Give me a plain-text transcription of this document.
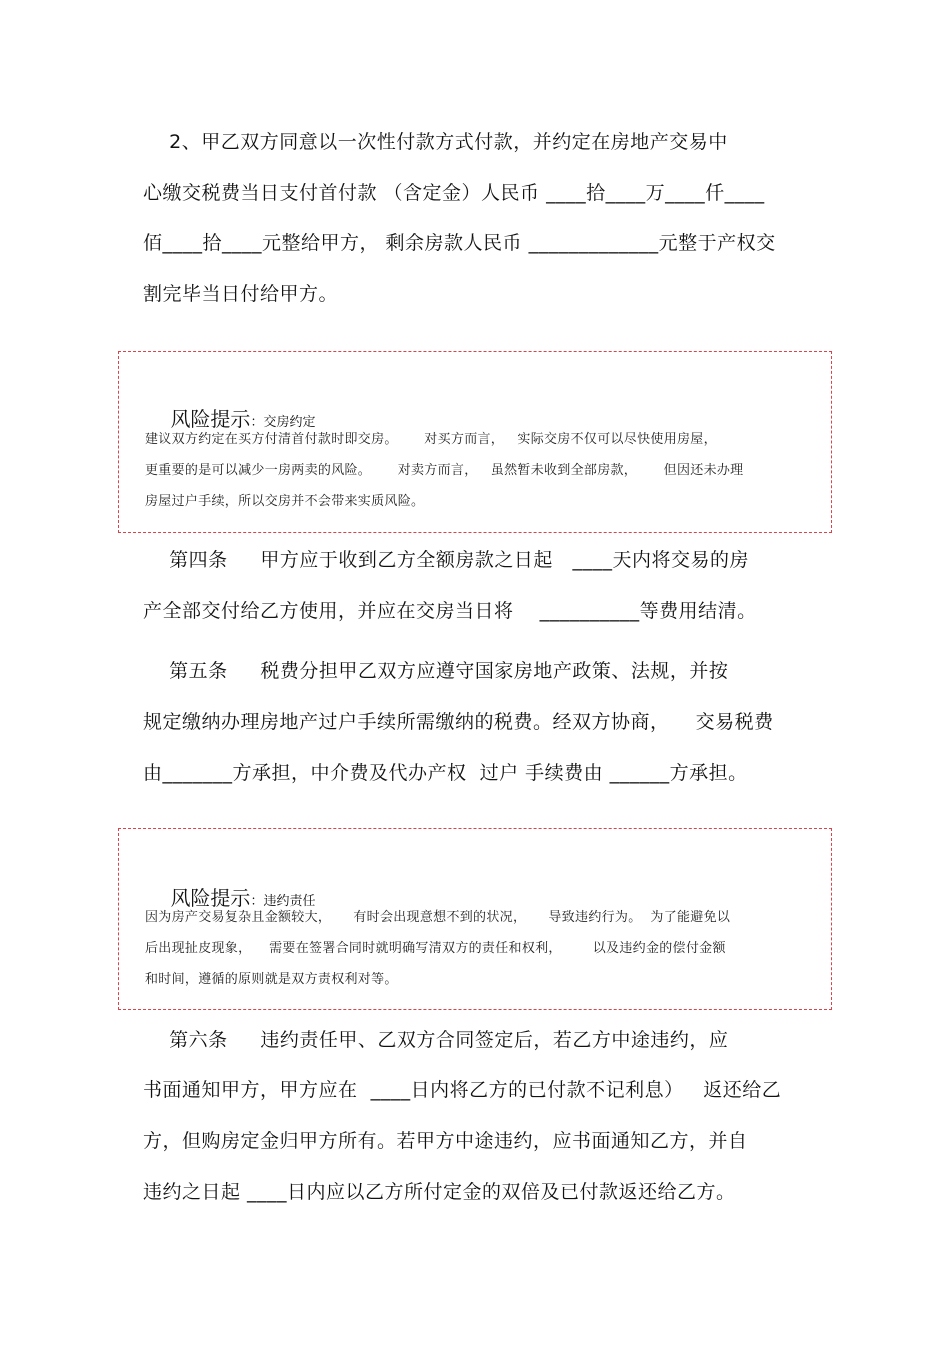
2、甲乙双方同意以一次性付款方式付款，并约定在房地产交易中
心缴交税费当日支付首付款 （含定金）人民币 ____拾____万____仟____
佰____拾____元整给甲方， 剩余房款人民币 _____________元整于产权交
割完毕当日付给甲方。

风险提示：交房约定

建议双方约定在买方付清首付款时即交房。      对买方而言，   实际交房不仅可以尽快使用房屋，
更重要的是可以减少一房两卖的风险。      对卖方而言，   虽然暂未收到全部房款，      但因还未办理
房屋过户手续，所以交房并不会带来实质风险。
第四条     甲方应于收到乙方全额房款之日起   ____天内将交易的房
产全部交付给乙方使用，并应在交房当日将    __________等费用结清。
第五条     税费分担甲乙双方应遵守国家房地产政策、法规，并按
规定缴纳办理房地产过户手续所需缴纳的税费。经双方协商，    交易税费
由_______方承担，中介费及代办产权  过户 手续费由 ______方承担。

风险提示：违约责任

因为房产交易复杂且金额较大，     有时会出现意想不到的状况，     导致违约行为。  为了能避免以
后出现扯皮现象，    需要在签署合同时就明确写清双方的责任和权利，       以及违约金的偿付金额
和时间，遵循的原则就是双方责权利对等。
第六条     违约责任甲、乙双方合同签定后，若乙方中途违约，应
书面通知甲方，甲方应在  ____日内将乙方的已付款不记利息）   返还给乙
方，但购房定金归甲方所有。若甲方中途违约，应书面通知乙方，并自
违约之日起 ____日内应以乙方所付定金的双倍及已付款返还给乙方。
